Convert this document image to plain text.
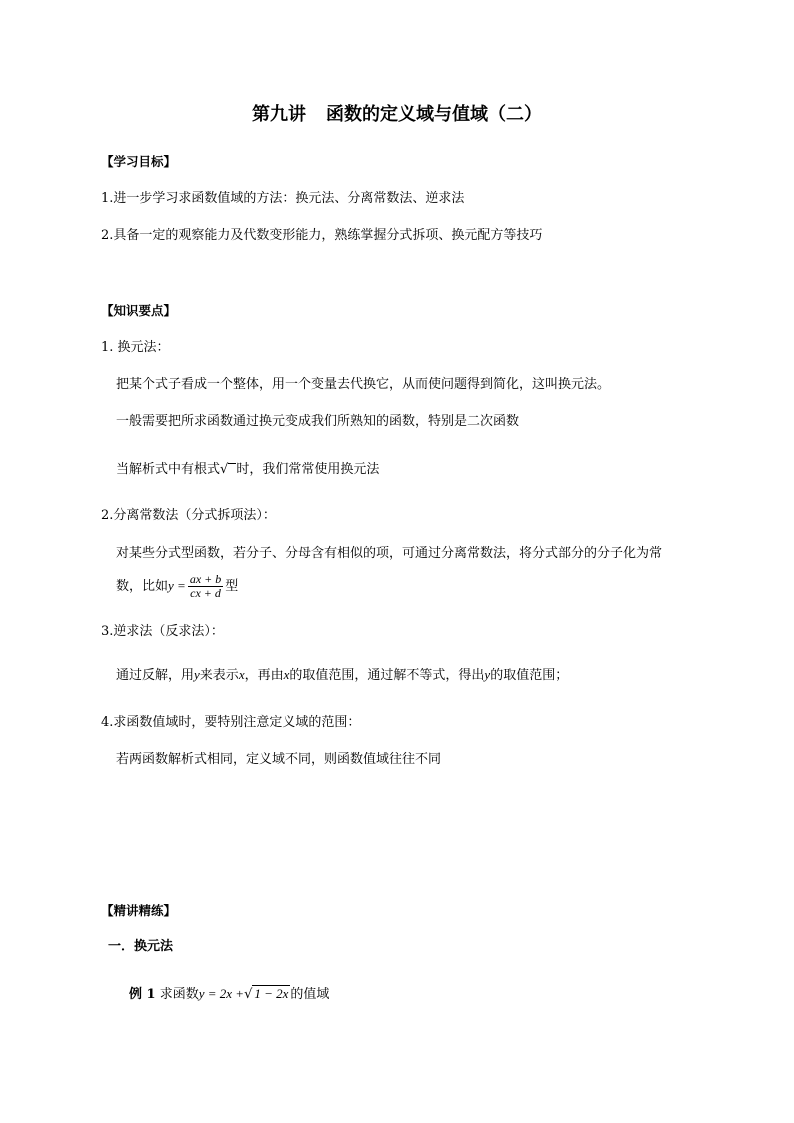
第九讲 函数的定义域与值域（二）
【学习目标】
1.进一步学习求函数值域的方法：换元法、分离常数法、逆求法
2.具备一定的观察能力及代数变形能力，熟练掌握分式拆项、换元配方等技巧
【知识要点】
1. 换元法：
把某个式子看成一个整体，用一个变量去代换它，从而使问题得到简化，这叫换元法。
一般需要把所求函数通过换元变成我们所熟知的函数，特别是二次函数
当解析式中有根式√ 时，我们常常使用换元法
2.分离常数法（分式拆项法）：
对某些分式型函数，若分子、分母含有相似的项，可通过分离常数法，将分式部分的分子化为常
数，比如$y = \frac{ax + b}{cx + d}$ 型
3.逆求法（反求法）：
通过反解，用y来表示x，再由x的取值范围，通过解不等式，得出y的取值范围；
4.求函数值域时，要特别注意定义域的范围：
若两函数解析式相同，定义域不同，则函数值域往往不同
【精讲精练】
一．换元法
例 1 求函数y = 2x +√ 1 − 2x 的值域
